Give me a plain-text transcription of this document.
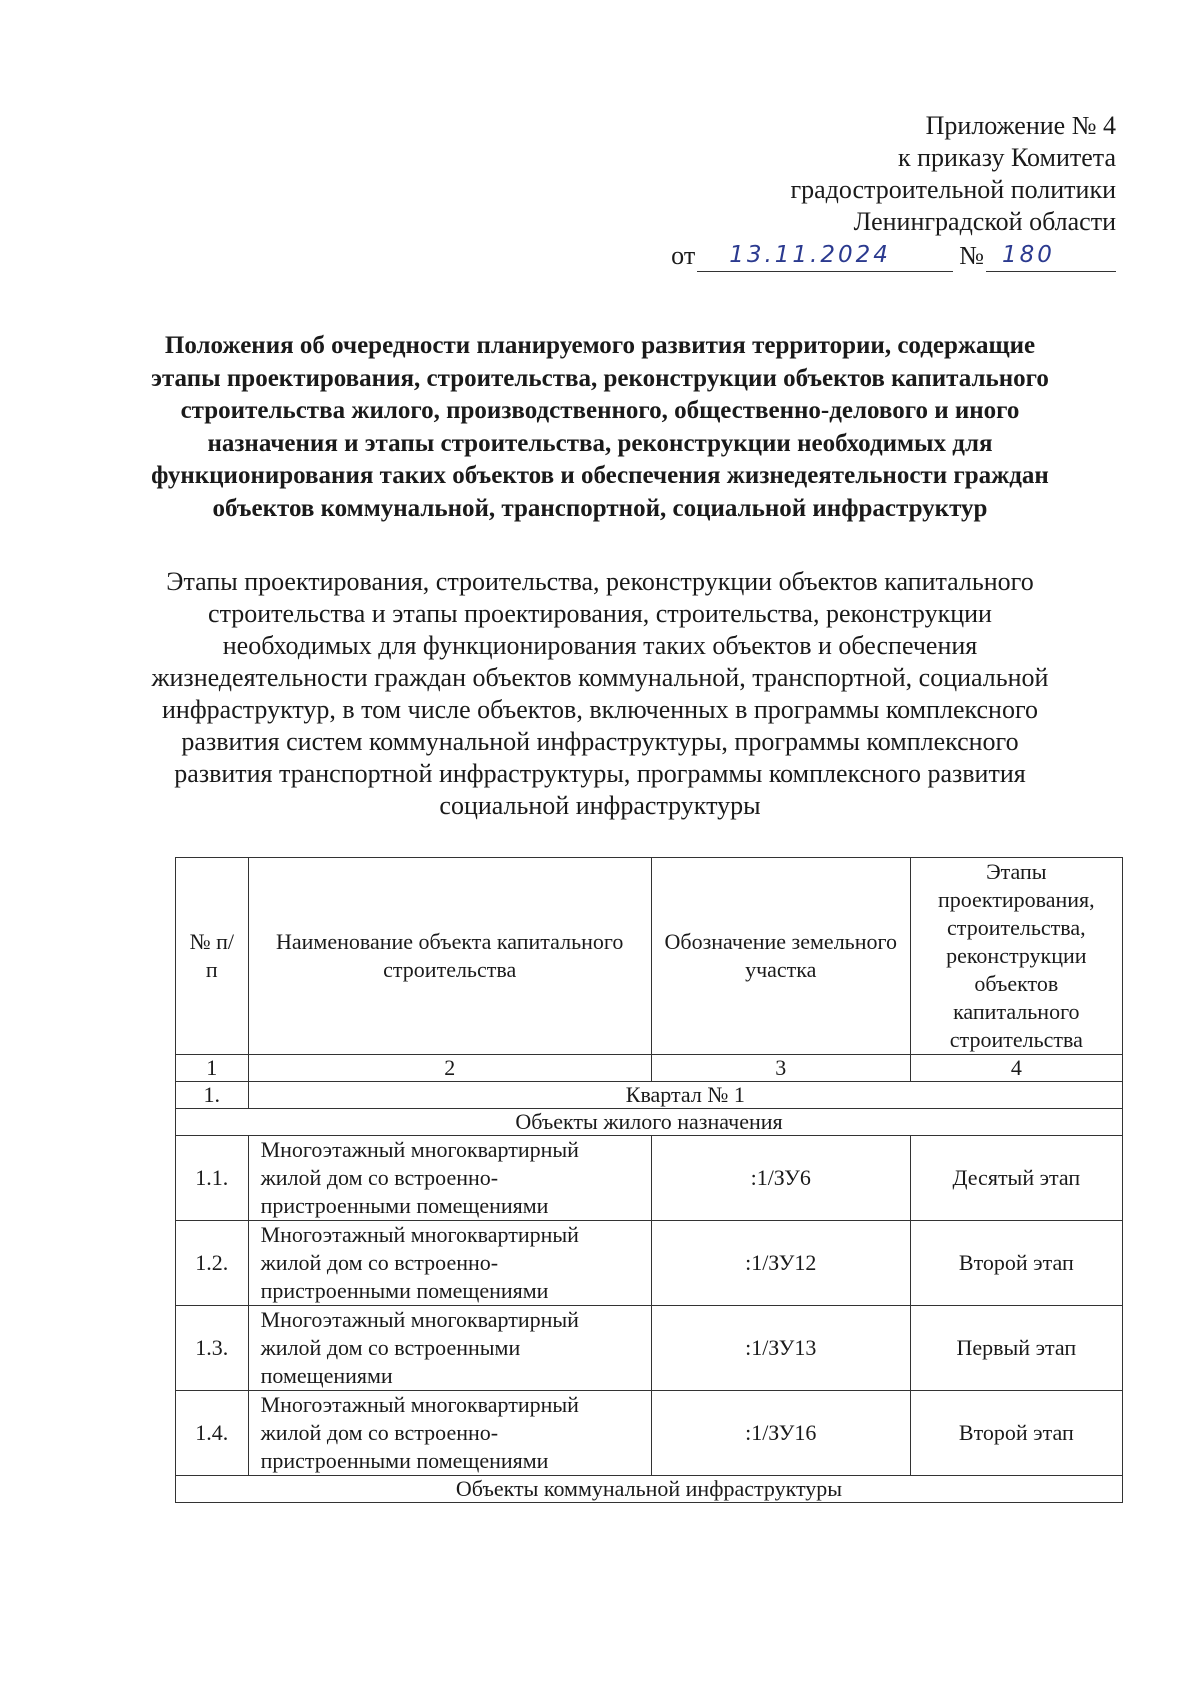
Приложение № 4
к приказу Комитета
градостроительной политики
Ленинградской области
от 13.11.2024	№ 180
Положения об очередности планируемого развития территории, содержащие этапы проектирования, строительства, реконструкции объектов капитального строительства жилого, производственного, общественно-делового и иного назначения и этапы строительства, реконструкции необходимых для функционирования таких объектов и обеспечения жизнедеятельности граждан объектов коммунальной, транспортной, социальной инфраструктур
Этапы проектирования, строительства, реконструкции объектов капитального строительства и этапы проектирования, строительства, реконструкции необходимых для функционирования таких объектов и обеспечения жизнедеятельности граждан объектов коммунальной, транспортной, социальной инфраструктур, в том числе объектов, включенных в программы комплексного развития систем коммунальной инфраструктуры, программы комплексного развития транспортной инфраструктуры, программы комплексного развития социальной инфраструктуры
№ п/п	Наименование объекта капитального строительства	Обозначение земельного участка	Этапы проектирования, строительства, реконструкции объектов капитального строительства
1	2	3	4
1.	Квартал № 1		
Объекты жилого назначения			
1.1.	Многоэтажный многоквартирный жилой дом со встроенно-пристроенными помещениями	:1/ЗУ6	Десятый этап
1.2.	Многоэтажный многоквартирный жилой дом со встроенно-пристроенными помещениями	:1/ЗУ12	Второй этап
1.3.	Многоэтажный многоквартирный жилой дом со встроенными помещениями	:1/ЗУ13	Первый этап
1.4.	Многоэтажный многоквартирный жилой дом со встроенно-пристроенными помещениями	:1/ЗУ16	Второй этап
Объекты коммунальной инфраструктуры			
